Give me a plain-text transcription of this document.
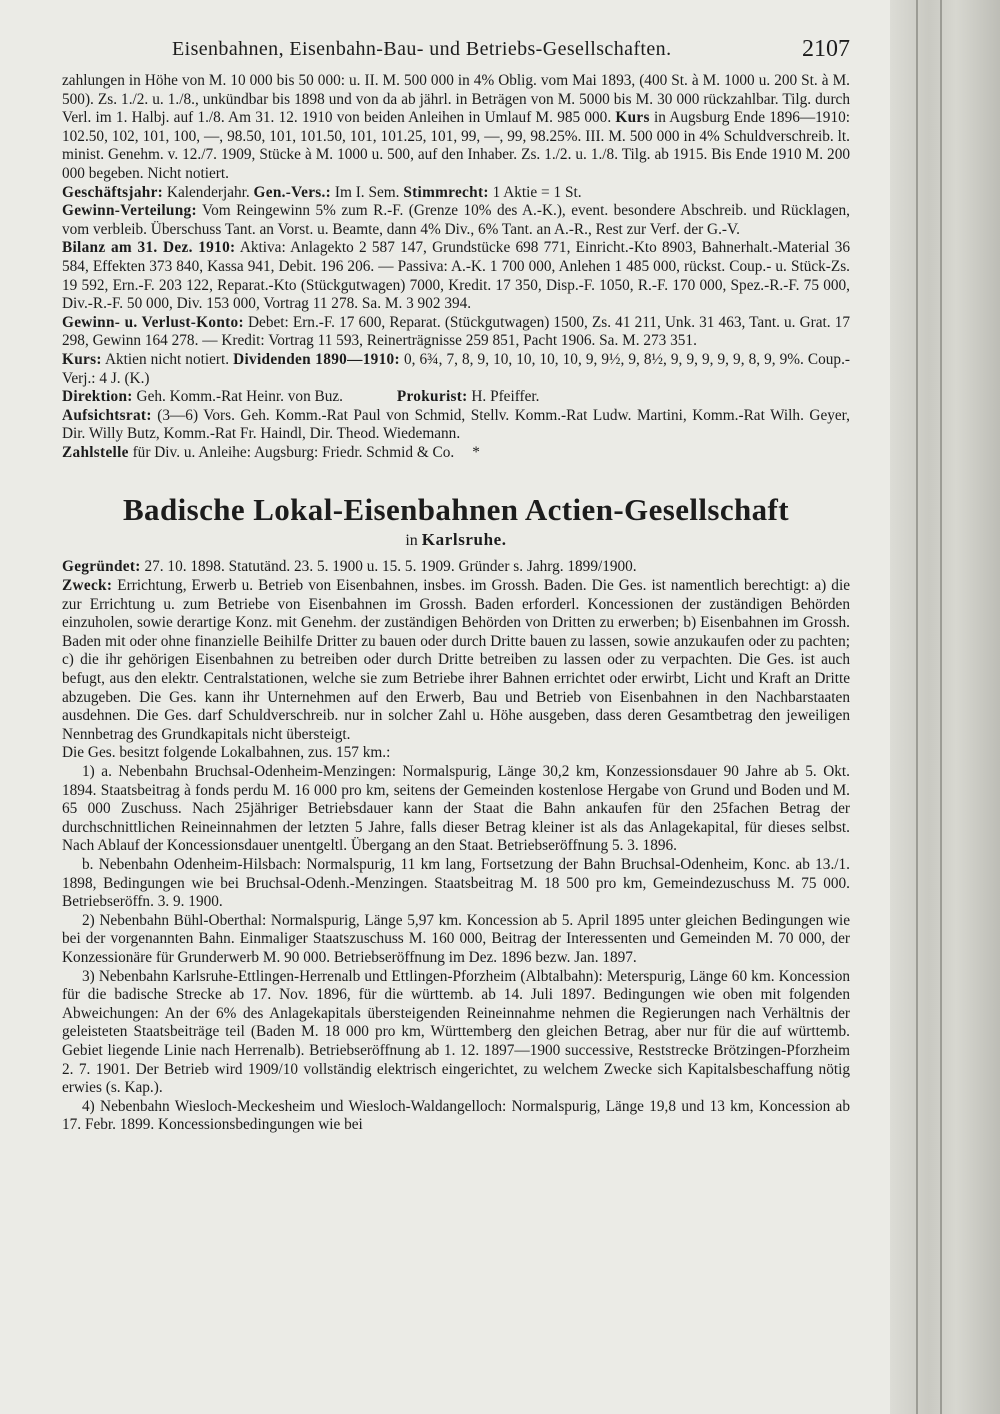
Eisenbahnen, Eisenbahn-Bau- und Betriebs-Gesellschaften.	2107

zahlungen in Höhe von M. 10 000 bis 50 000: u. II. M. 500 000 in 4% Oblig. vom Mai 1893, (400 St. à M. 1000 u. 200 St. à M. 500). Zs. 1./2. u. 1./8., unkündbar bis 1898 und von da ab jährl. in Beträgen von M. 5000 bis M. 30 000 rückzahlbar. Tilg. durch Verl. im 1. Halbj. auf 1./8. Am 31. 12. 1910 von beiden Anleihen in Umlauf M. 985 000. Kurs in Augsburg Ende 1896—1910: 102.50, 102, 101, 100, —, 98.50, 101, 101.50, 101, 101.25, 101, 99, —, 99, 98.25%. III. M. 500 000 in 4% Schuldverschreib. lt. minist. Genehm. v. 12./7. 1909, Stücke à M. 1000 u. 500, auf den Inhaber. Zs. 1./2. u. 1./8. Tilg. ab 1915. Bis Ende 1910 M. 200 000 begeben. Nicht notiert.

Geschäftsjahr: Kalenderjahr. Gen.-Vers.: Im I. Sem. Stimmrecht: 1 Aktie = 1 St.

Gewinn-Verteilung: Vom Reingewinn 5% zum R.-F. (Grenze 10% des A.-K.), event. besondere Abschreib. und Rücklagen, vom verbleib. Überschuss Tant. an Vorst. u. Beamte, dann 4% Div., 6% Tant. an A.-R., Rest zur Verf. der G.-V.

Bilanz am 31. Dez. 1910: Aktiva: Anlagekto 2 587 147, Grundstücke 698 771, Einricht.-Kto 8903, Bahnerhalt.-Material 36 584, Effekten 373 840, Kassa 941, Debit. 196 206. — Passiva: A.-K. 1 700 000, Anlehen 1 485 000, rückst. Coup.- u. Stück-Zs. 19 592, Ern.-F. 203 122, Reparat.-Kto (Stückgutwagen) 7000, Kredit. 17 350, Disp.-F. 1050, R.-F. 170 000, Spez.-R.-F. 75 000, Div.-R.-F. 50 000, Div. 153 000, Vortrag 11 278. Sa. M. 3 902 394.

Gewinn- u. Verlust-Konto: Debet: Ern.-F. 17 600, Reparat. (Stückgutwagen) 1500, Zs. 41 211, Unk. 31 463, Tant. u. Grat. 17 298, Gewinn 164 278. — Kredit: Vortrag 11 593, Reinerträgnisse 259 851, Pacht 1906. Sa. M. 273 351.

Kurs: Aktien nicht notiert. Dividenden 1890—1910: 0, 6¾, 7, 8, 9, 10, 10, 10, 10, 9, 9½, 9, 8½, 9, 9, 9, 9, 9, 8, 9, 9%. Coup.-Verj.: 4 J. (K.)

Direktion: Geh. Komm.-Rat Heinr. von Buz.	Prokurist: H. Pfeiffer.

Aufsichtsrat: (3—6) Vors. Geh. Komm.-Rat Paul von Schmid, Stellv. Komm.-Rat Ludw. Martini, Komm.-Rat Wilh. Geyer, Dir. Willy Butz, Komm.-Rat Fr. Haindl, Dir. Theod. Wiedemann.

Zahlstelle für Div. u. Anleihe: Augsburg: Friedr. Schmid & Co. *

Badische Lokal-Eisenbahnen Actien-Gesellschaft
in Karlsruhe.

Gegründet: 27. 10. 1898. Statutänd. 23. 5. 1900 u. 15. 5. 1909. Gründer s. Jahrg. 1899/1900.

Zweck: Errichtung, Erwerb u. Betrieb von Eisenbahnen, insbes. im Grossh. Baden. Die Ges. ist namentlich berechtigt: a) die zur Errichtung u. zum Betriebe von Eisenbahnen im Grossh. Baden erforderl. Koncessionen der zuständigen Behörden einzuholen, sowie derartige Konz. mit Genehm. der zuständigen Behörden von Dritten zu erwerben; b) Eisenbahnen im Grossh. Baden mit oder ohne finanzielle Beihilfe Dritter zu bauen oder durch Dritte bauen zu lassen, sowie anzukaufen oder zu pachten; c) die ihr gehörigen Eisenbahnen zu betreiben oder durch Dritte betreiben zu lassen oder zu verpachten. Die Ges. ist auch befugt, aus den elektr. Centralstationen, welche sie zum Betriebe ihrer Bahnen errichtet oder erwirbt, Licht und Kraft an Dritte abzugeben. Die Ges. kann ihr Unternehmen auf den Erwerb, Bau und Betrieb von Eisenbahnen in den Nachbarstaaten ausdehnen. Die Ges. darf Schuldverschreib. nur in solcher Zahl u. Höhe ausgeben, dass deren Gesamtbetrag den jeweiligen Nennbetrag des Grundkapitals nicht übersteigt.

Die Ges. besitzt folgende Lokalbahnen, zus. 157 km.:

1) a. Nebenbahn Bruchsal-Odenheim-Menzingen: Normalspurig, Länge 30,2 km, Konzessionsdauer 90 Jahre ab 5. Okt. 1894. Staatsbeitrag à fonds perdu M. 16 000 pro km, seitens der Gemeinden kostenlose Hergabe von Grund und Boden und M. 65 000 Zuschuss. Nach 25jähriger Betriebsdauer kann der Staat die Bahn ankaufen für den 25fachen Betrag der durchschnittlichen Reineinnahmen der letzten 5 Jahre, falls dieser Betrag kleiner ist als das Anlagekapital, für dieses selbst. Nach Ablauf der Koncessionsdauer unentgeltl. Übergang an den Staat. Betriebseröffnung 5. 3. 1896.

b. Nebenbahn Odenheim-Hilsbach: Normalspurig, 11 km lang, Fortsetzung der Bahn Bruchsal-Odenheim, Konc. ab 13./1. 1898, Bedingungen wie bei Bruchsal-Odenh.-Menzingen. Staatsbeitrag M. 18 500 pro km, Gemeindezuschuss M. 75 000. Betriebseröffn. 3. 9. 1900.

2) Nebenbahn Bühl-Oberthal: Normalspurig, Länge 5,97 km. Koncession ab 5. April 1895 unter gleichen Bedingungen wie bei der vorgenannten Bahn. Einmaliger Staatszuschuss M. 160 000, Beitrag der Interessenten und Gemeinden M. 70 000, der Konzessionäre für Grunderwerb M. 90 000. Betriebseröffnung im Dez. 1896 bezw. Jan. 1897.

3) Nebenbahn Karlsruhe-Ettlingen-Herrenalb und Ettlingen-Pforzheim (Albtalbahn): Meterspurig, Länge 60 km. Koncession für die badische Strecke ab 17. Nov. 1896, für die württemb. ab 14. Juli 1897. Bedingungen wie oben mit folgenden Abweichungen: An der 6% des Anlagekapitals übersteigenden Reineinnahme nehmen die Regierungen nach Verhältnis der geleisteten Staatsbeiträge teil (Baden M. 18 000 pro km, Württemberg den gleichen Betrag, aber nur für die auf württemb. Gebiet liegende Linie nach Herrenalb). Betriebseröffnung ab 1. 12. 1897—1900 successive, Reststrecke Brötzingen-Pforzheim 2. 7. 1901. Der Betrieb wird 1909/10 vollständig elektrisch eingerichtet, zu welchem Zwecke sich Kapitalsbeschaffung nötig erwies (s. Kap.).

4) Nebenbahn Wiesloch-Meckesheim und Wiesloch-Waldangelloch: Normalspurig, Länge 19,8 und 13 km, Koncession ab 17. Febr. 1899. Koncessionsbedingungen wie bei
